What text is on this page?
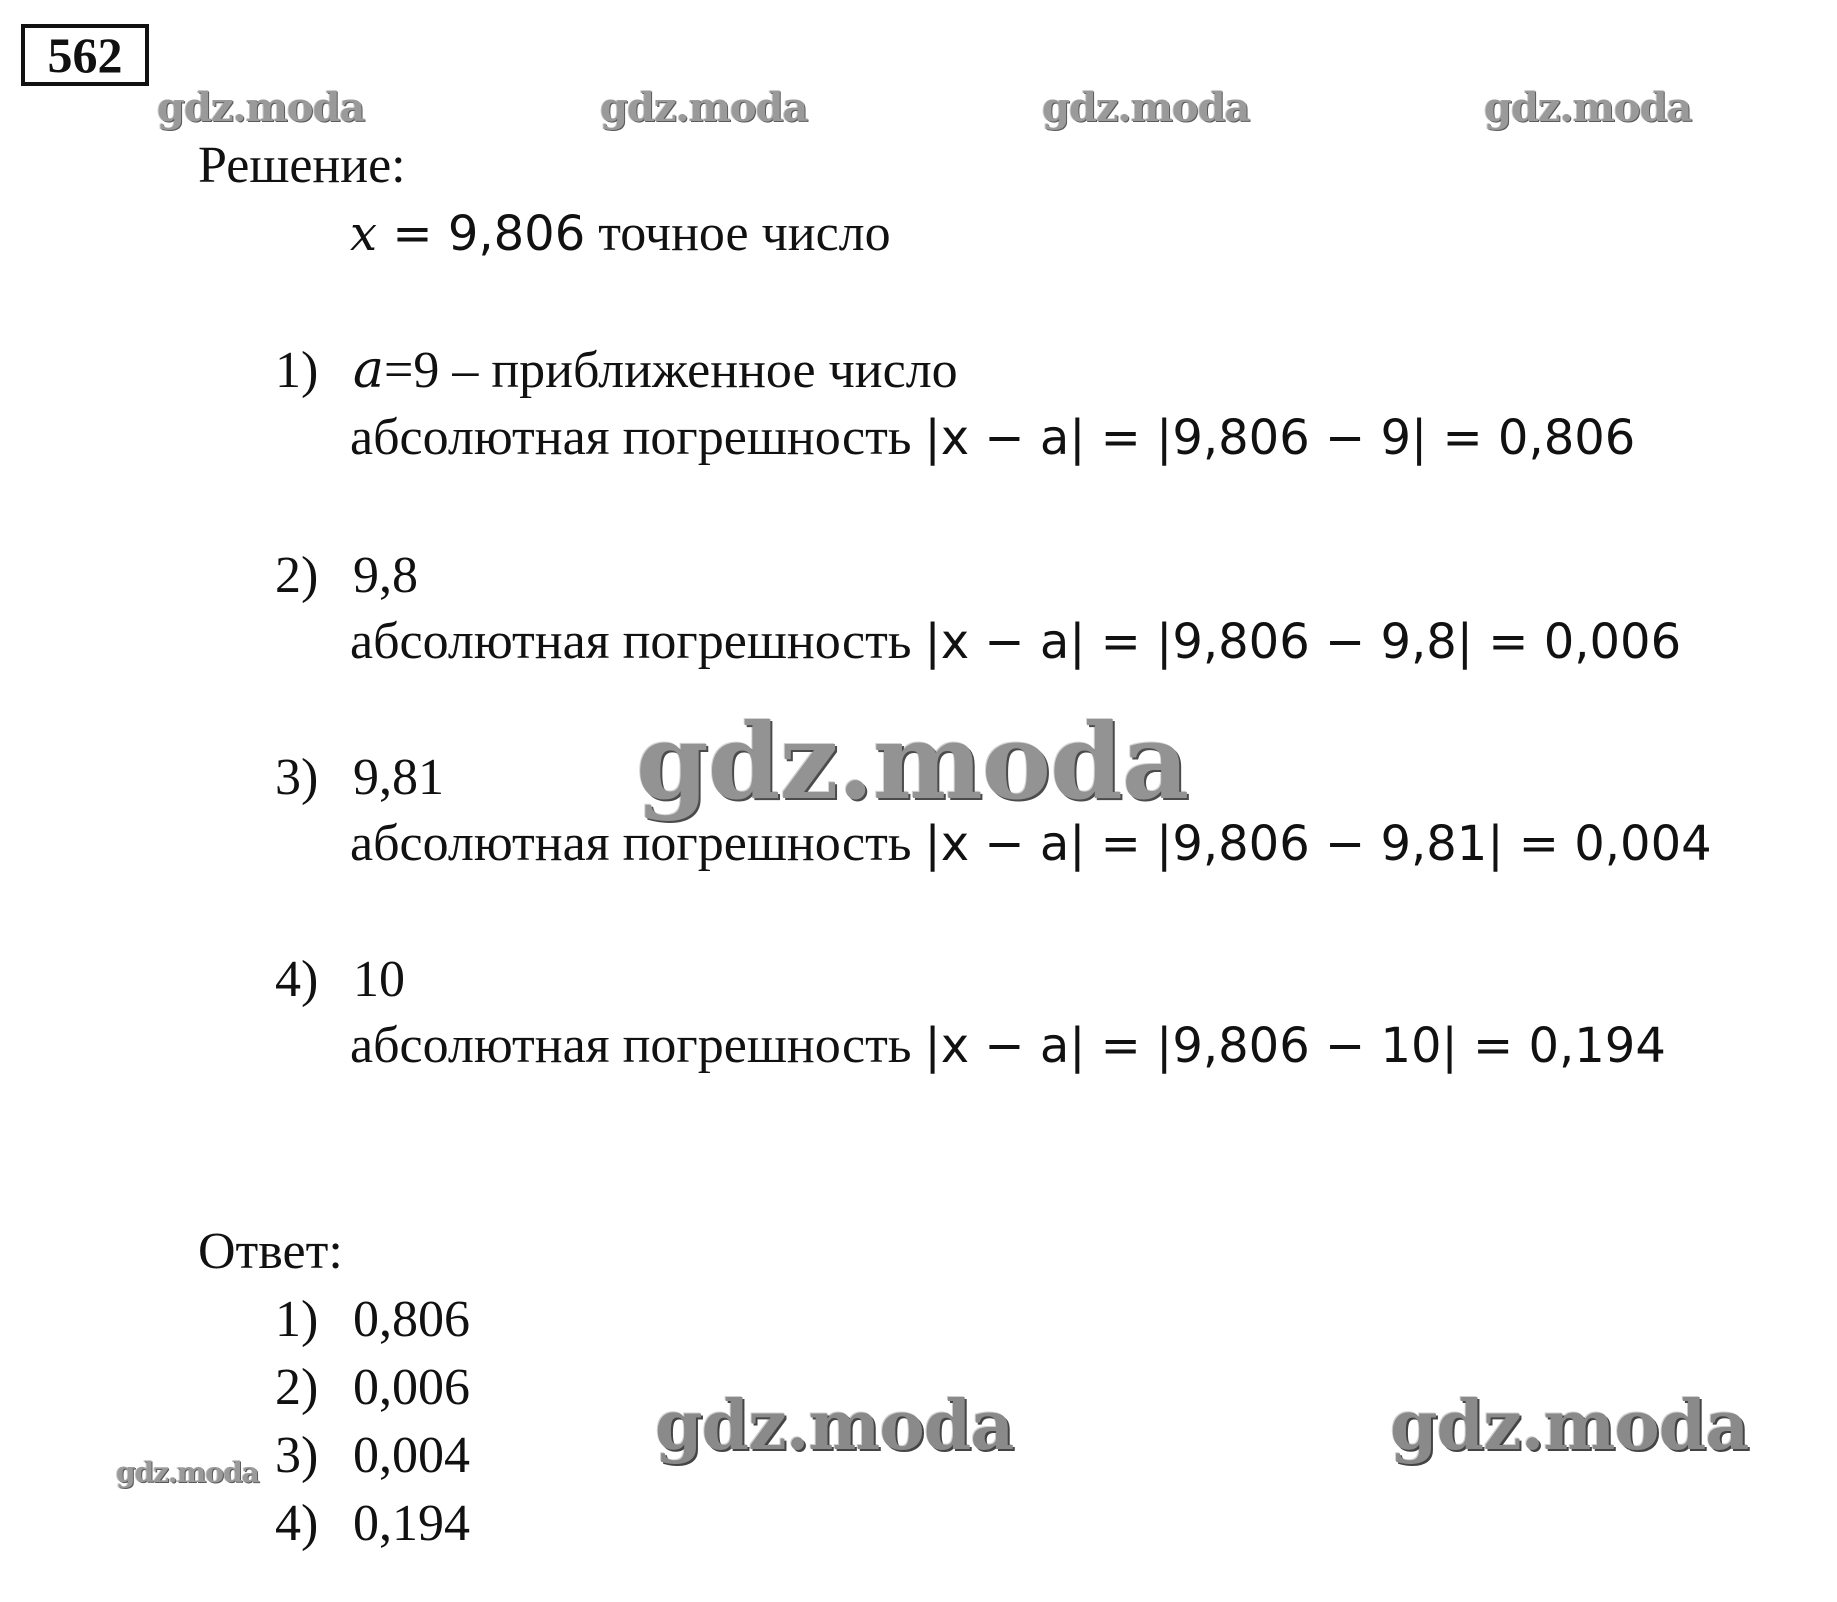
562
gdz.moda	gdz.moda	gdz.moda	gdz.moda
Решение:
x = 9,806 точное число
1) a=9 – приближенное число
абсолютная погрешность |x − a| = |9,806 − 9| = 0,806
2) 9,8
абсолютная погрешность |x − a| = |9,806 − 9,8| = 0,006
3) 9,81
абсолютная погрешность |x − a| = |9,806 − 9,81| = 0,004
gdz.moda
4) 10
абсолютная погрешность |x − a| = |9,806 − 10| = 0,194
Ответ:
1) 0,806
2) 0,006
3) 0,004
4) 0,194
gdz.moda
gdz.moda	gdz.moda
